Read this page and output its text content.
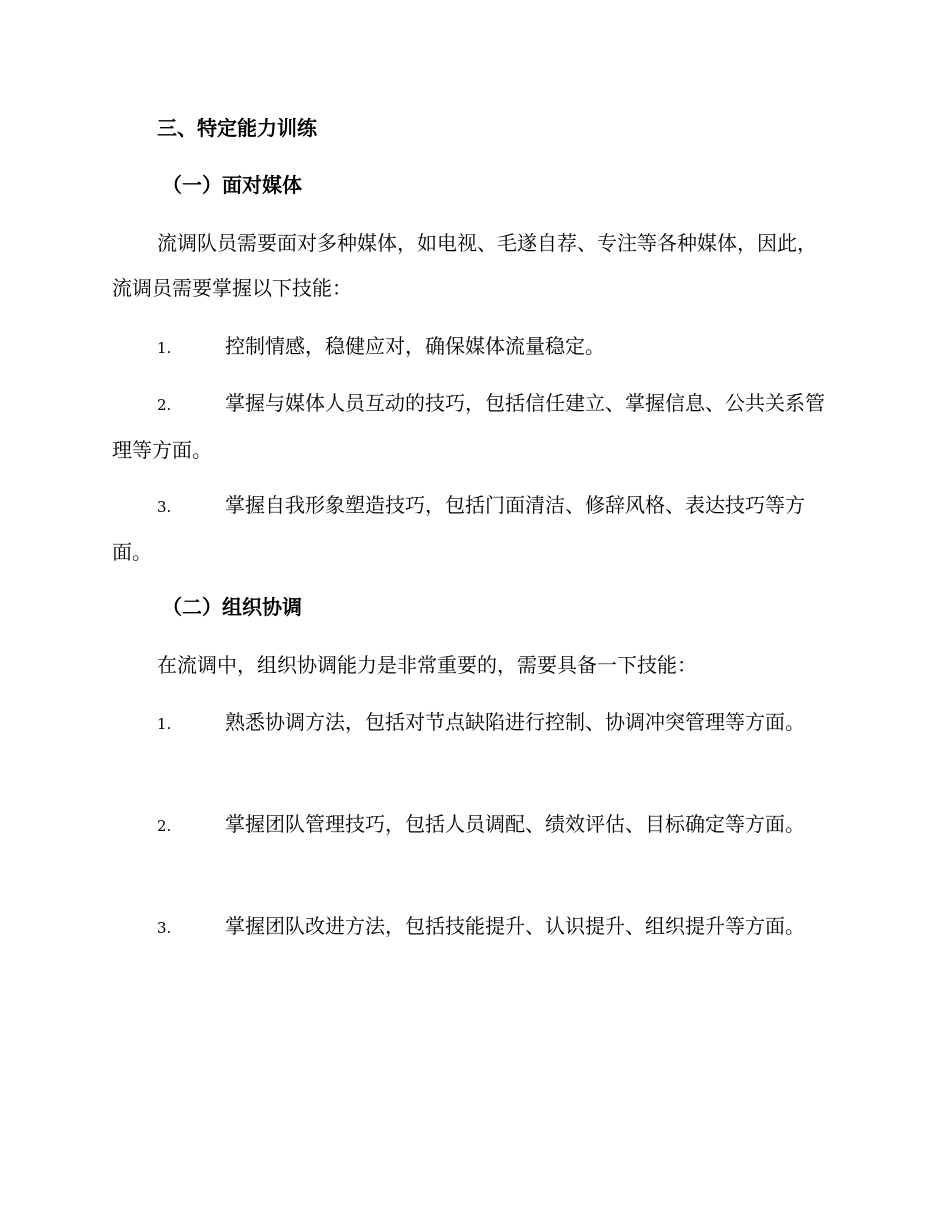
三、特定能力训练
（一）面对媒体
流调队员需要面对多种媒体，如电视、毛遂自荐、专注等各种媒体，因此，流调员需要掌握以下技能：
1.	控制情感，稳健应对，确保媒体流量稳定。
2.	掌握与媒体人员互动的技巧，包括信任建立、掌握信息、公共关系管理等方面。
3.	掌握自我形象塑造技巧，包括门面清洁、修辞风格、表达技巧等方面。
（二）组织协调
在流调中，组织协调能力是非常重要的，需要具备一下技能：
1.	熟悉协调方法，包括对节点缺陷进行控制、协调冲突管理等方面。
2.	掌握团队管理技巧，包括人员调配、绩效评估、目标确定等方面。
3.	掌握团队改进方法，包括技能提升、认识提升、组织提升等方面。
